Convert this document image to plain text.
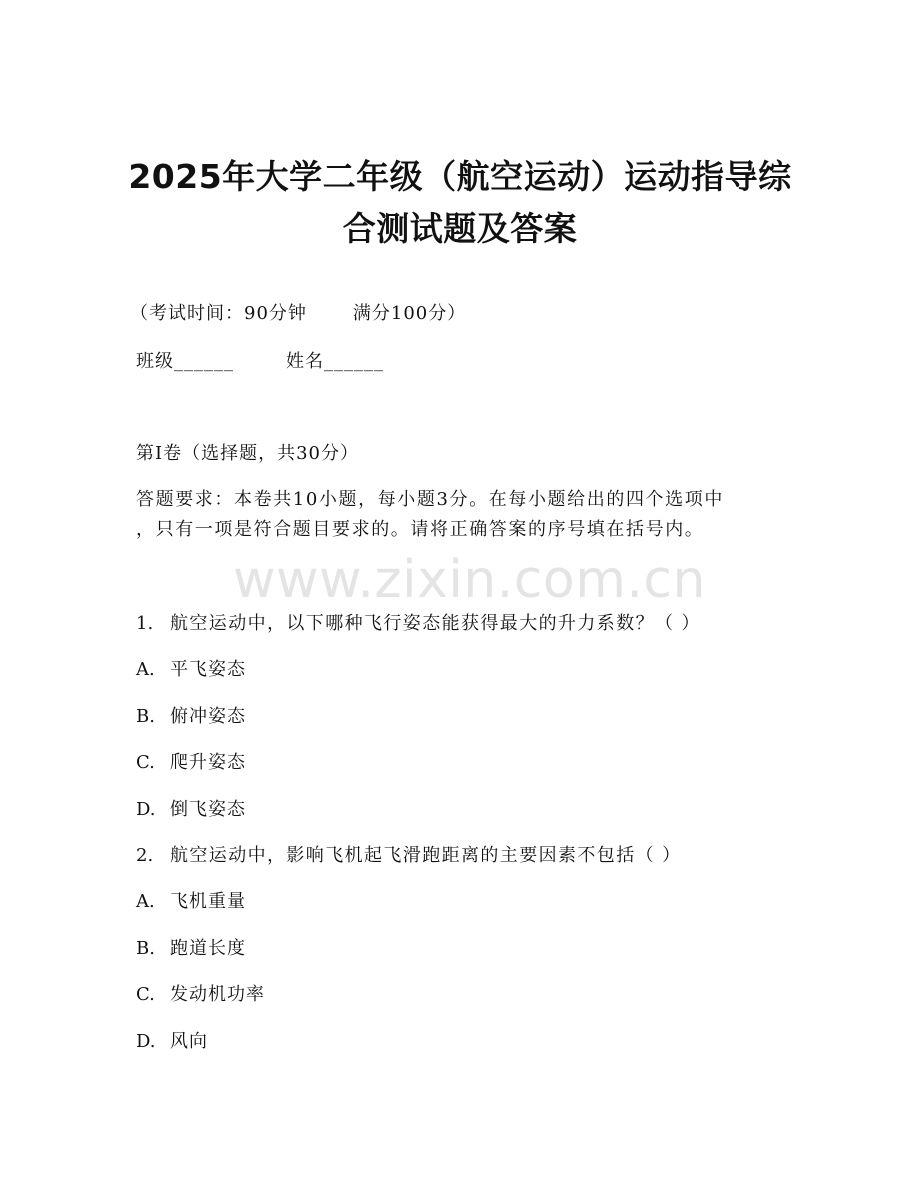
2025年大学二年级（航空运动）运动指导综
合测试题及答案
（考试时间：90分钟	满分100分）
班级______	姓名______
第I卷（选择题，共30分）
答题要求：本卷共10小题，每小题3分。在每小题给出的四个选项中
，只有一项是符合题目要求的。请将正确答案的序号填在括号内。
www.zixin.com.cn
1. 航空运动中，以下哪种飞行姿态能获得最大的升力系数？（ ）
A. 平飞姿态
B. 俯冲姿态
C. 爬升姿态
D. 倒飞姿态
2. 航空运动中，影响飞机起飞滑跑距离的主要因素不包括（ ）
A. 飞机重量
B. 跑道长度
C. 发动机功率
D. 风向
